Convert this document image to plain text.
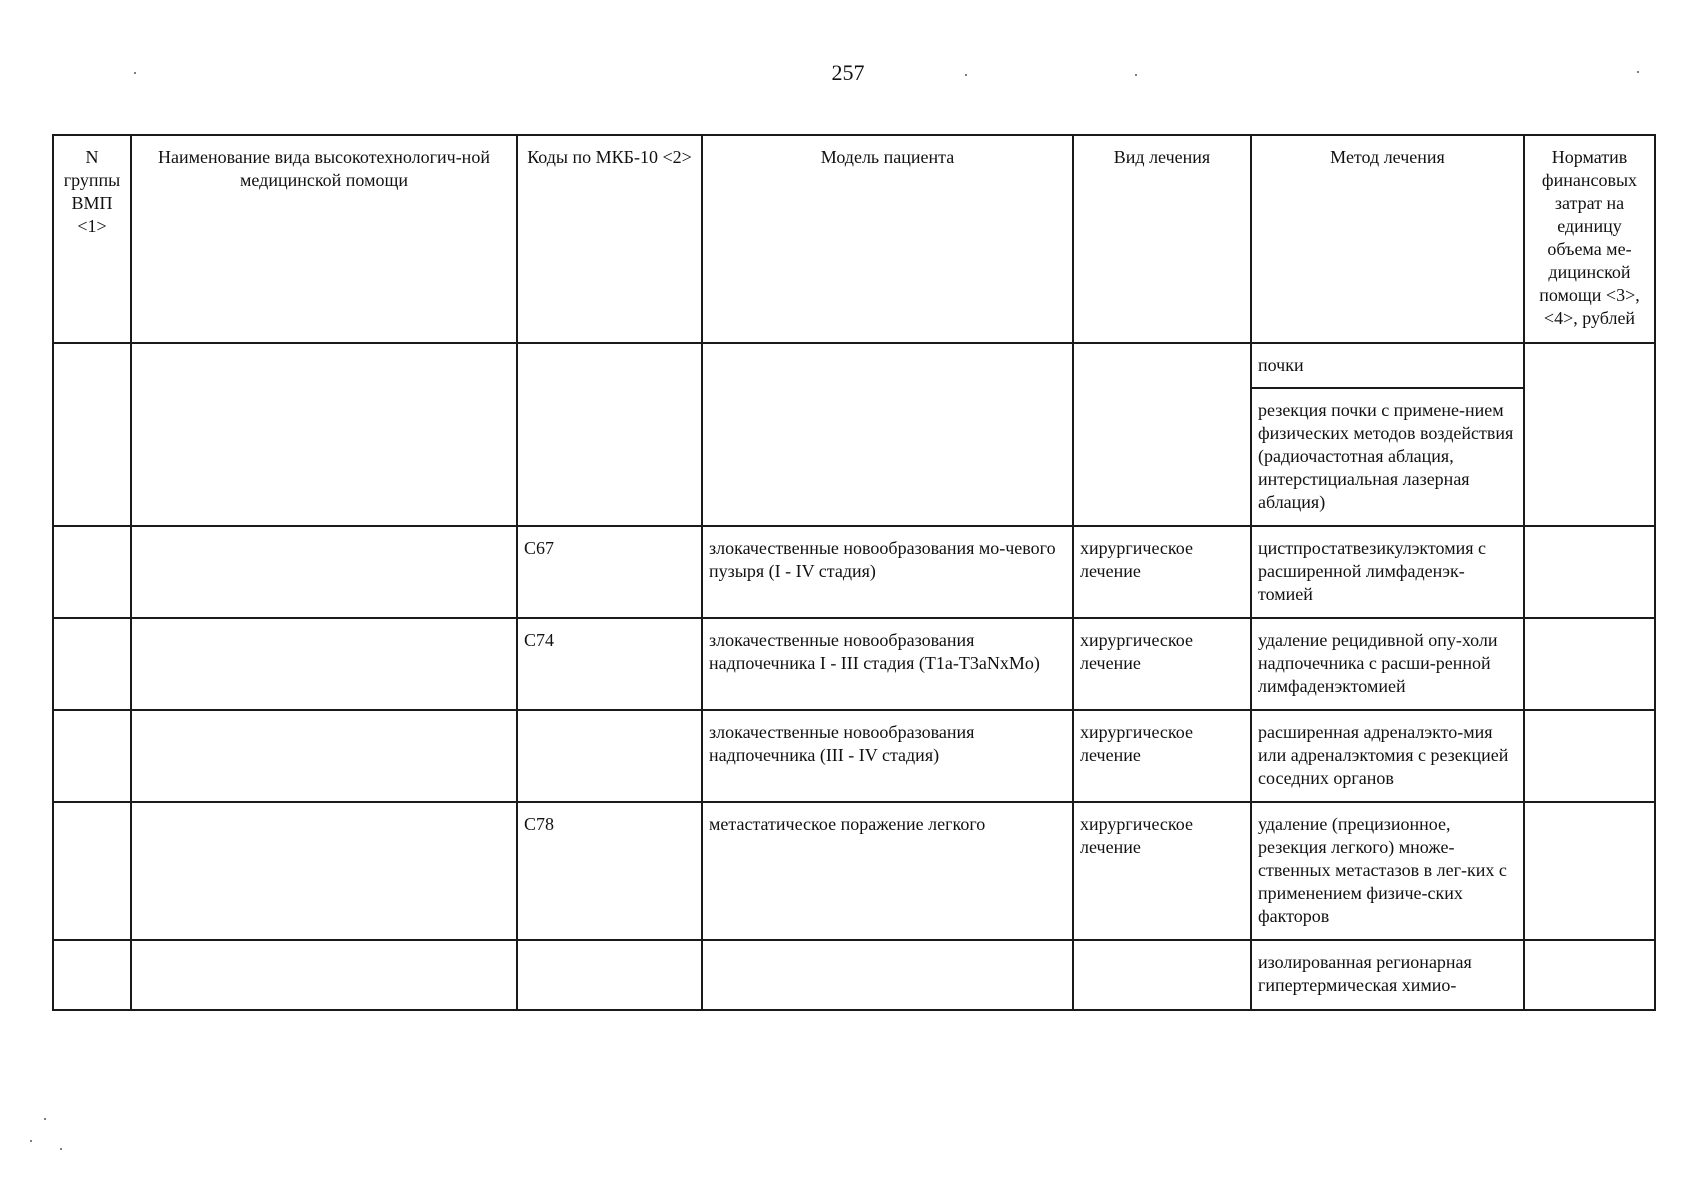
257
N группы ВМП <1>	Наименование вида высокотехнологич-ной медицинской помощи	Коды по МКБ-10 <2>	Модель пациента	Вид лечения	Метод лечения	Норматив финансовых затрат на единицу объема ме-дицинской помощи <3>, <4>, рублей
					почки	
					резекция почки с примене-нием физических методов воздействия (радиочастотная аблация, интерстициальная лазерная аблация)	
		C67	злокачественные новообразования мо-чевого пузыря (I - IV стадия)	хирургическое лечение	цистпростатвезикулэктомия с расширенной лимфаденэк-томией	
		C74	злокачественные новообразования надпочечника I - III стадия (T1a-T3aNxMo)	хирургическое лечение	удаление рецидивной опу-холи надпочечника с расши-ренной лимфаденэктомией	
			злокачественные новообразования надпочечника (III - IV стадия)	хирургическое лечение	расширенная адреналэкто-мия или адреналэктомия с резекцией соседних органов	
		C78	метастатическое поражение легкого	хирургическое лечение	удаление (прецизионное, резекция легкого) множе-ственных метастазов в лег-ких с применением физиче-ских факторов	
					изолированная регионарная гипертермическая химио-	
